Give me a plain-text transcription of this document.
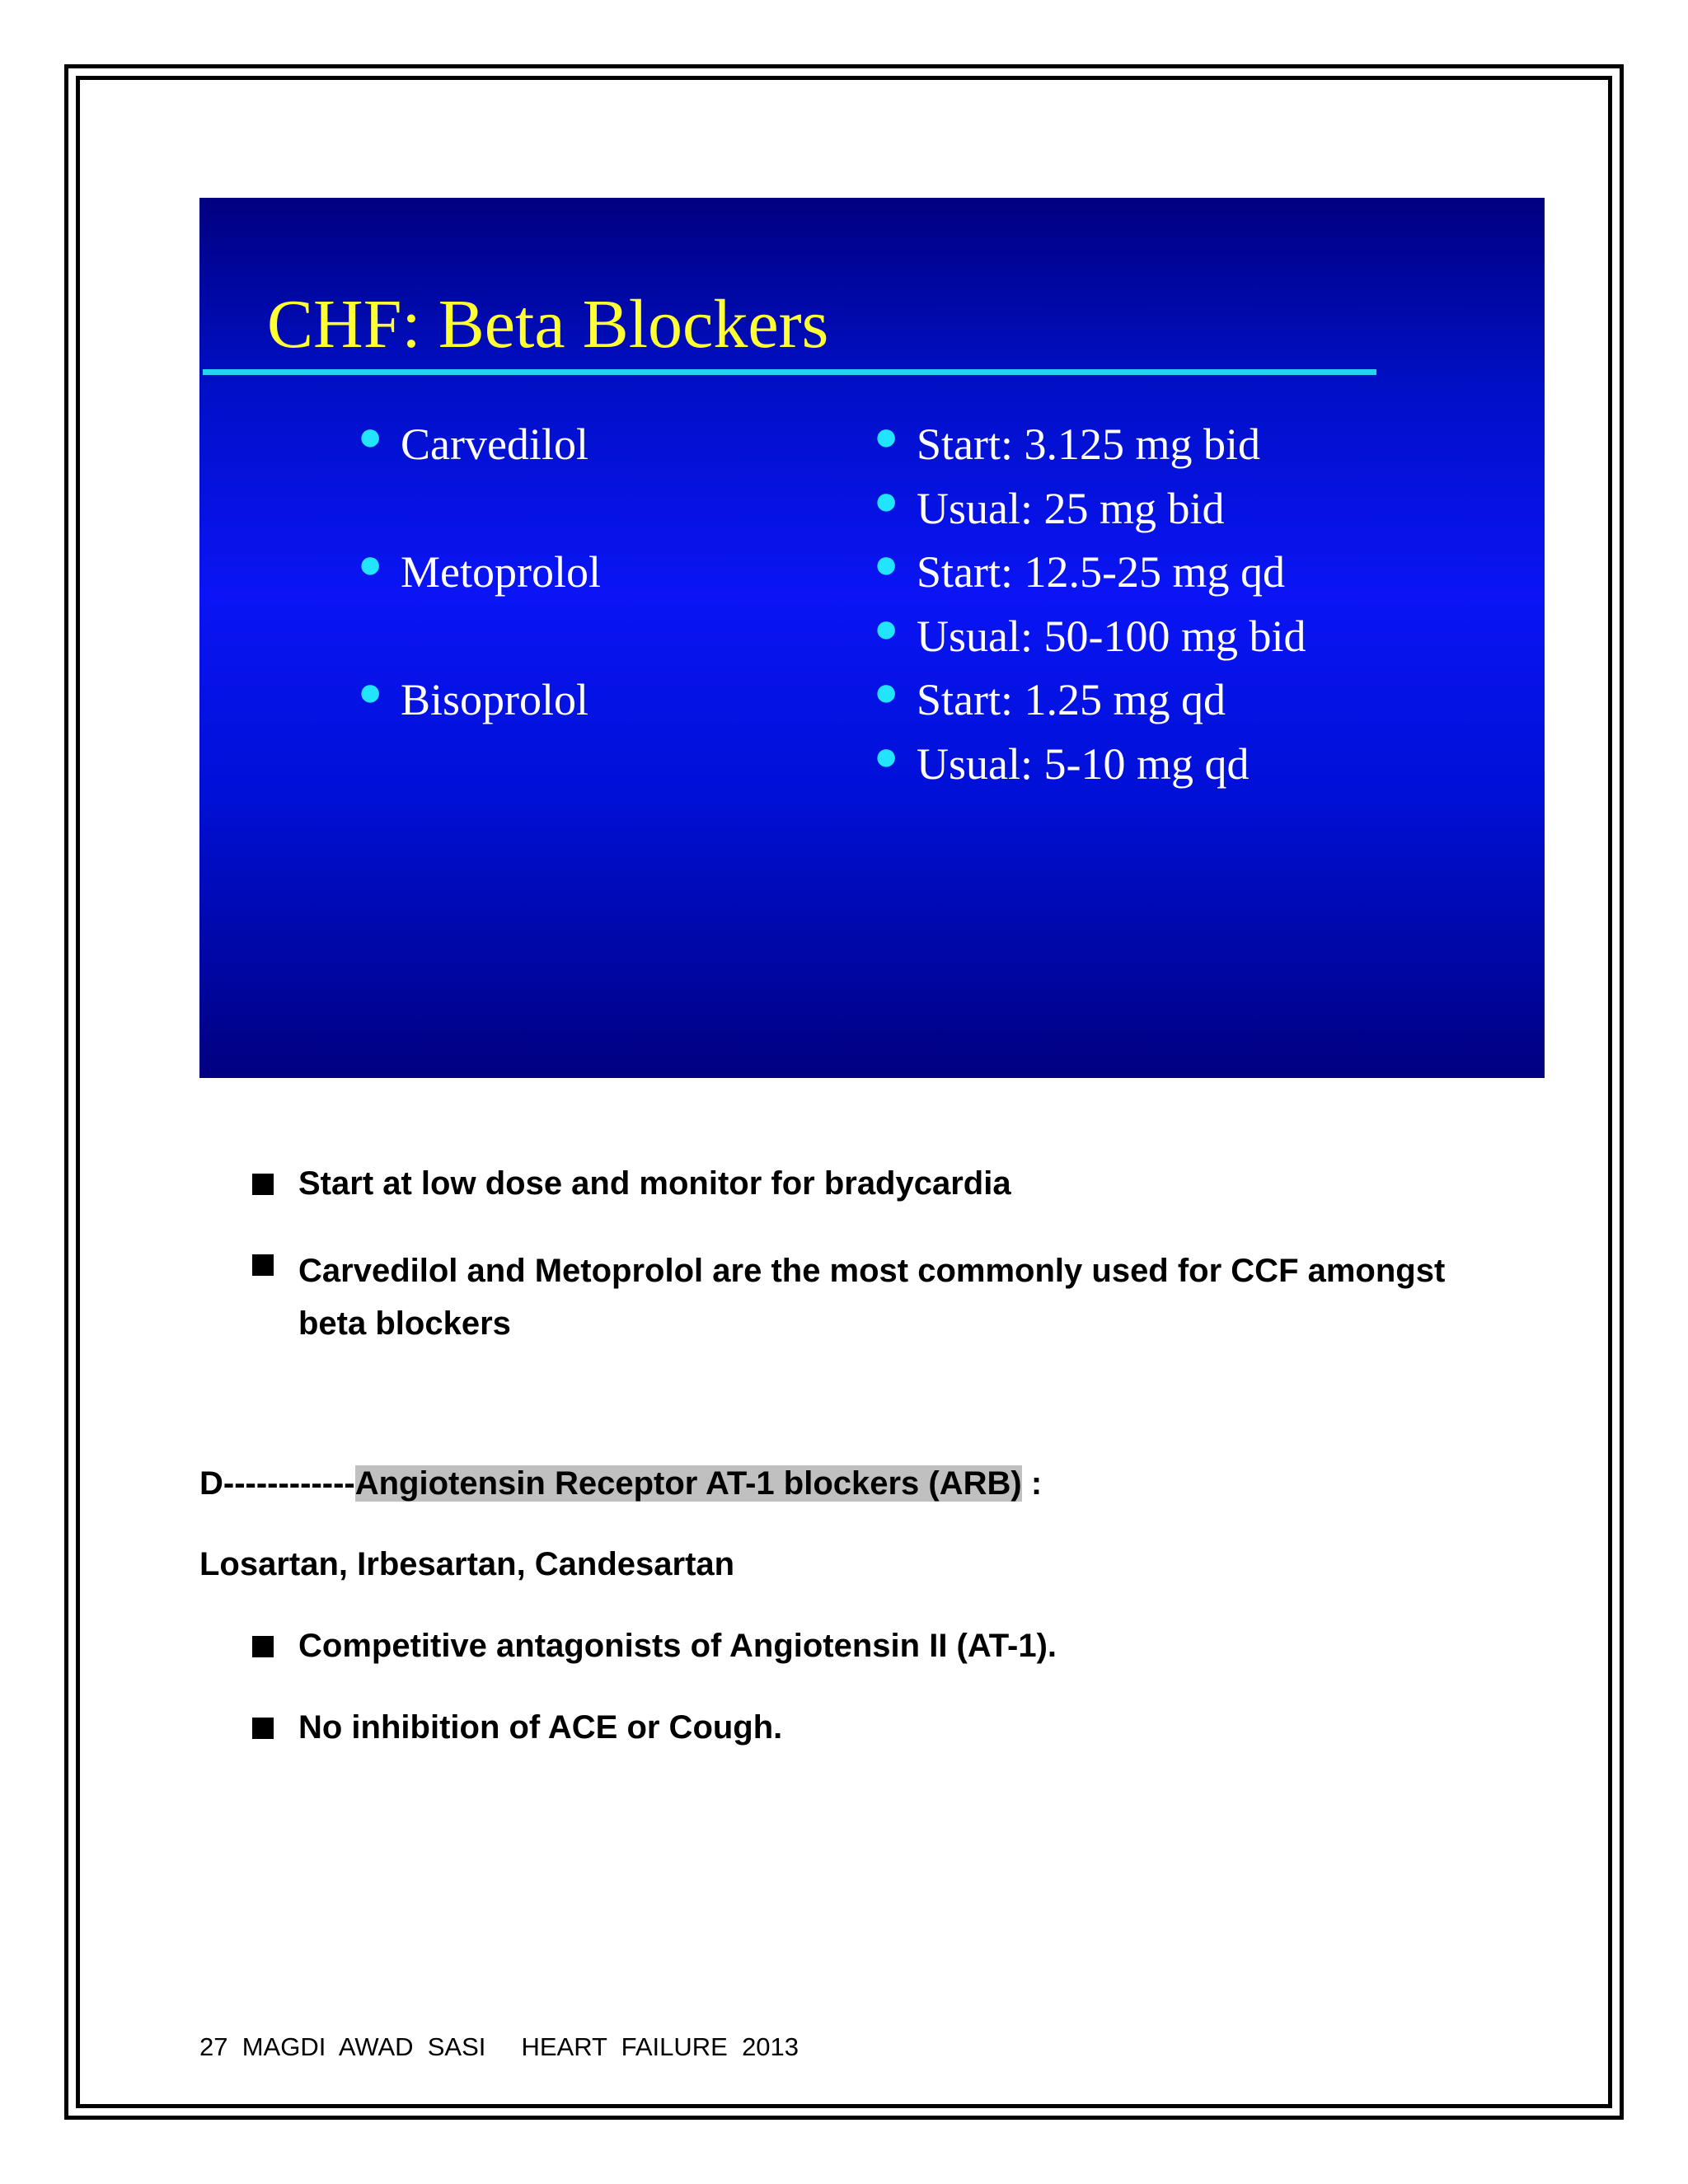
CHF: Beta Blockers
● Carvedilol
● Metoprolol
● Bisoprolol
● Start: 3.125 mg bid
● Usual: 25 mg bid
● Start: 12.5-25 mg qd
● Usual: 50-100 mg bid
● Start: 1.25 mg qd
● Usual: 5-10 mg qd
Start at low dose and monitor for bradycardia
Carvedilol and Metoprolol are the most commonly used for CCF amongst beta blockers
D------------Angiotensin Receptor AT-1 blockers (ARB) :
Losartan, Irbesartan, Candesartan
Competitive antagonists of Angiotensin II (AT-1).
No inhibition of ACE or Cough.
27  MAGDI  AWAD  SASI     HEART  FAILURE  2013
